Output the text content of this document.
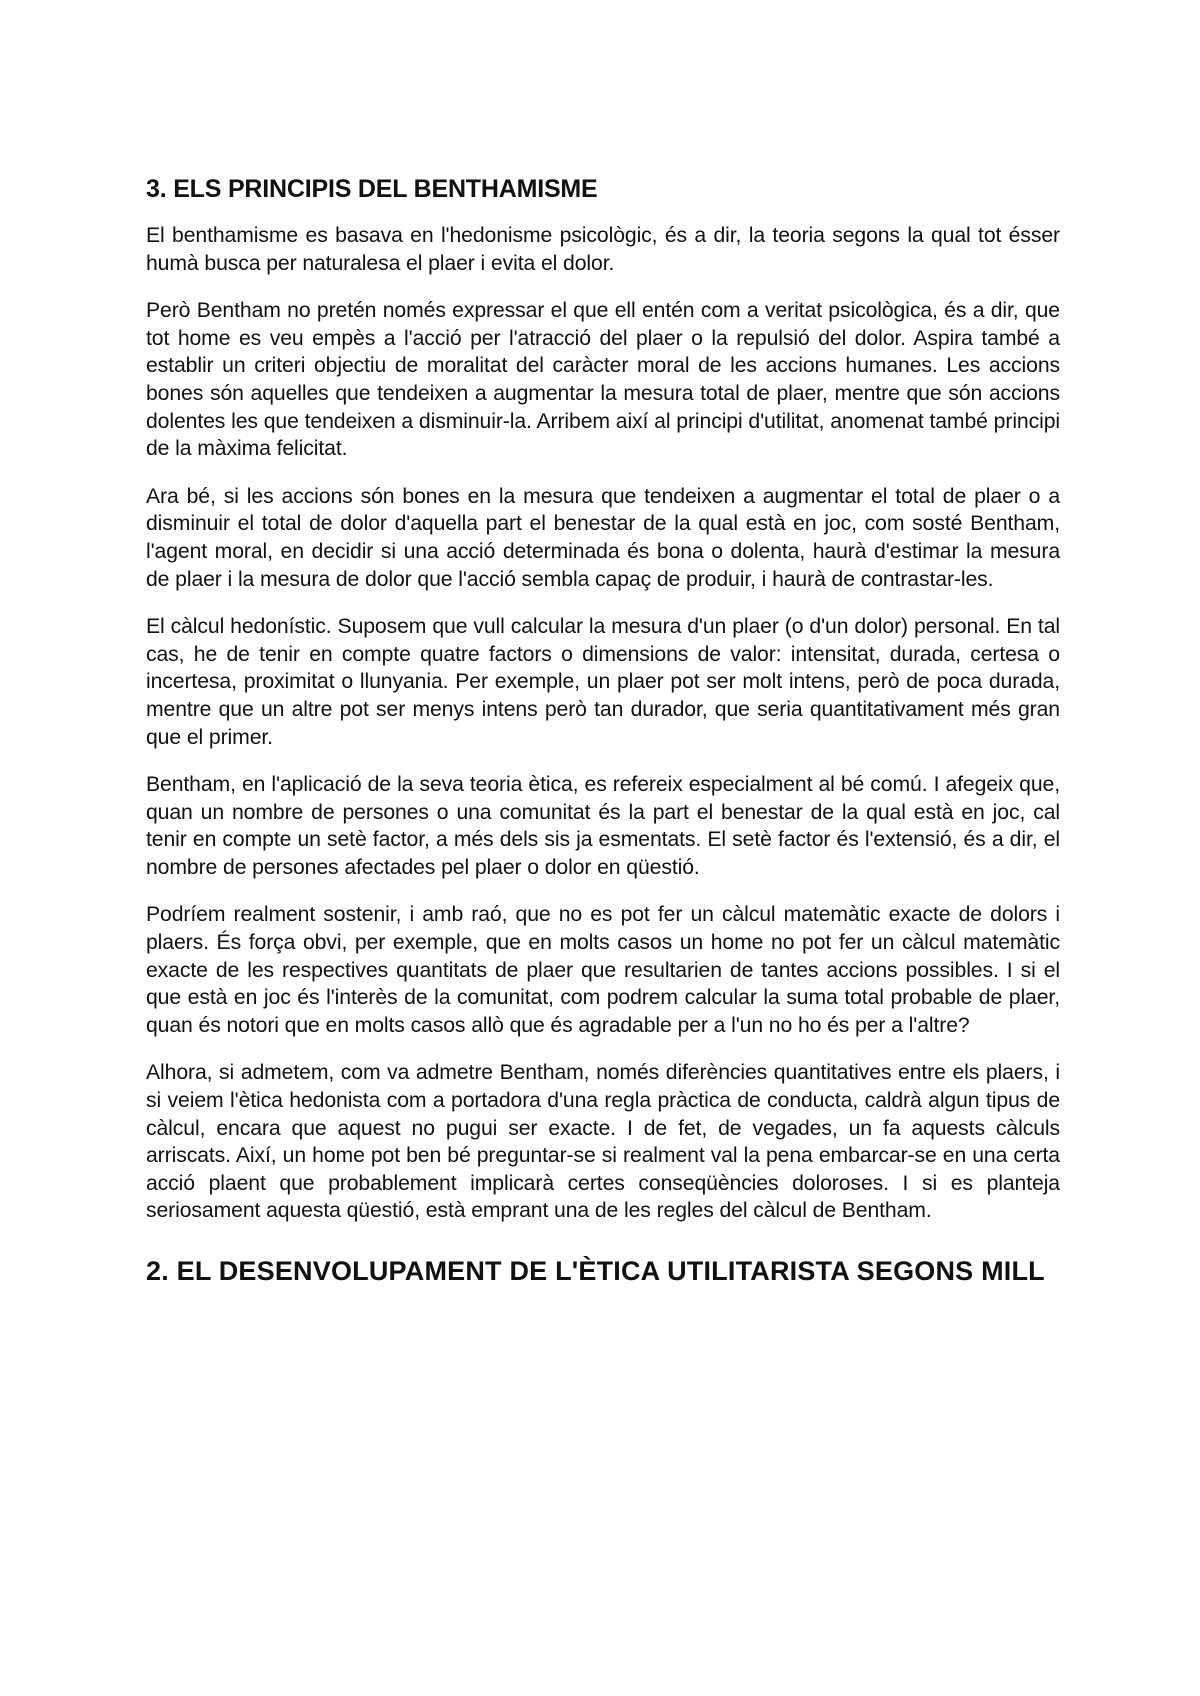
3. ELS PRINCIPIS DEL BENTHAMISME

El benthamisme es basava en l'hedonisme psicològic, és a dir, la teoria segons la qual tot ésser humà busca per naturalesa el plaer i evita el dolor.

Però Bentham no pretén només expressar el que ell entén com a veritat psicològica, és a dir, que tot home es veu empès a l'acció per l'atracció del plaer o la repulsió del dolor. Aspira també a establir un criteri objectiu de moralitat del caràcter moral de les accions humanes. Les accions bones són aquelles que tendeixen a augmentar la mesura total de plaer, mentre que són accions dolentes les que tendeixen a disminuir-la. Arribem així al principi d'utilitat, anomenat també principi de la màxima felicitat.

Ara bé, si les accions són bones en la mesura que tendeixen a augmentar el total de plaer o a disminuir el total de dolor d'aquella part el benestar de la qual està en joc, com sosté Bentham, l'agent moral, en decidir si una acció determinada és bona o dolenta, haurà d'estimar la mesura de plaer i la mesura de dolor que l'acció sembla capaç de produir, i haurà de contrastar-les.

El càlcul hedonístic. Suposem que vull calcular la mesura d'un plaer (o d'un dolor) personal. En tal cas, he de tenir en compte quatre factors o dimensions de valor: intensitat, durada, certesa o incertesa, proximitat o llunyania. Per exemple, un plaer pot ser molt intens, però de poca durada, mentre que un altre pot ser menys intens però tan durador, que seria quantitativament més gran que el primer.

Bentham, en l'aplicació de la seva teoria ètica, es refereix especialment al bé comú. I afegeix que, quan un nombre de persones o una comunitat és la part el benestar de la qual està en joc, cal tenir en compte un setè factor, a més dels sis ja esmentats. El setè factor és l'extensió, és a dir, el nombre de persones afectades pel plaer o dolor en qüestió.

Podríem realment sostenir, i amb raó, que no es pot fer un càlcul matemàtic exacte de dolors i plaers. És força obvi, per exemple, que en molts casos un home no pot fer un càlcul matemàtic exacte de les respectives quantitats de plaer que resultarien de tantes accions possibles. I si el que està en joc és l'interès de la comunitat, com podrem calcular la suma total probable de plaer, quan és notori que en molts casos allò que és agradable per a l'un no ho és per a l'altre?

Alhora, si admetem, com va admetre Bentham, només diferències quantitatives entre els plaers, i si veiem l'ètica hedonista com a portadora d'una regla pràctica de conducta, caldrà algun tipus de càlcul, encara que aquest no pugui ser exacte. I de fet, de vegades, un fa aquests càlculs arriscats. Així, un home pot ben bé preguntar-se si realment val la pena embarcar-se en una certa acció plaent que probablement implicarà certes conseqüències doloroses. I si es planteja seriosament aquesta qüestió, està emprant una de les regles del càlcul de Bentham.

2. EL DESENVOLUPAMENT DE L'ÈTICA UTILITARISTA SEGONS MILL
